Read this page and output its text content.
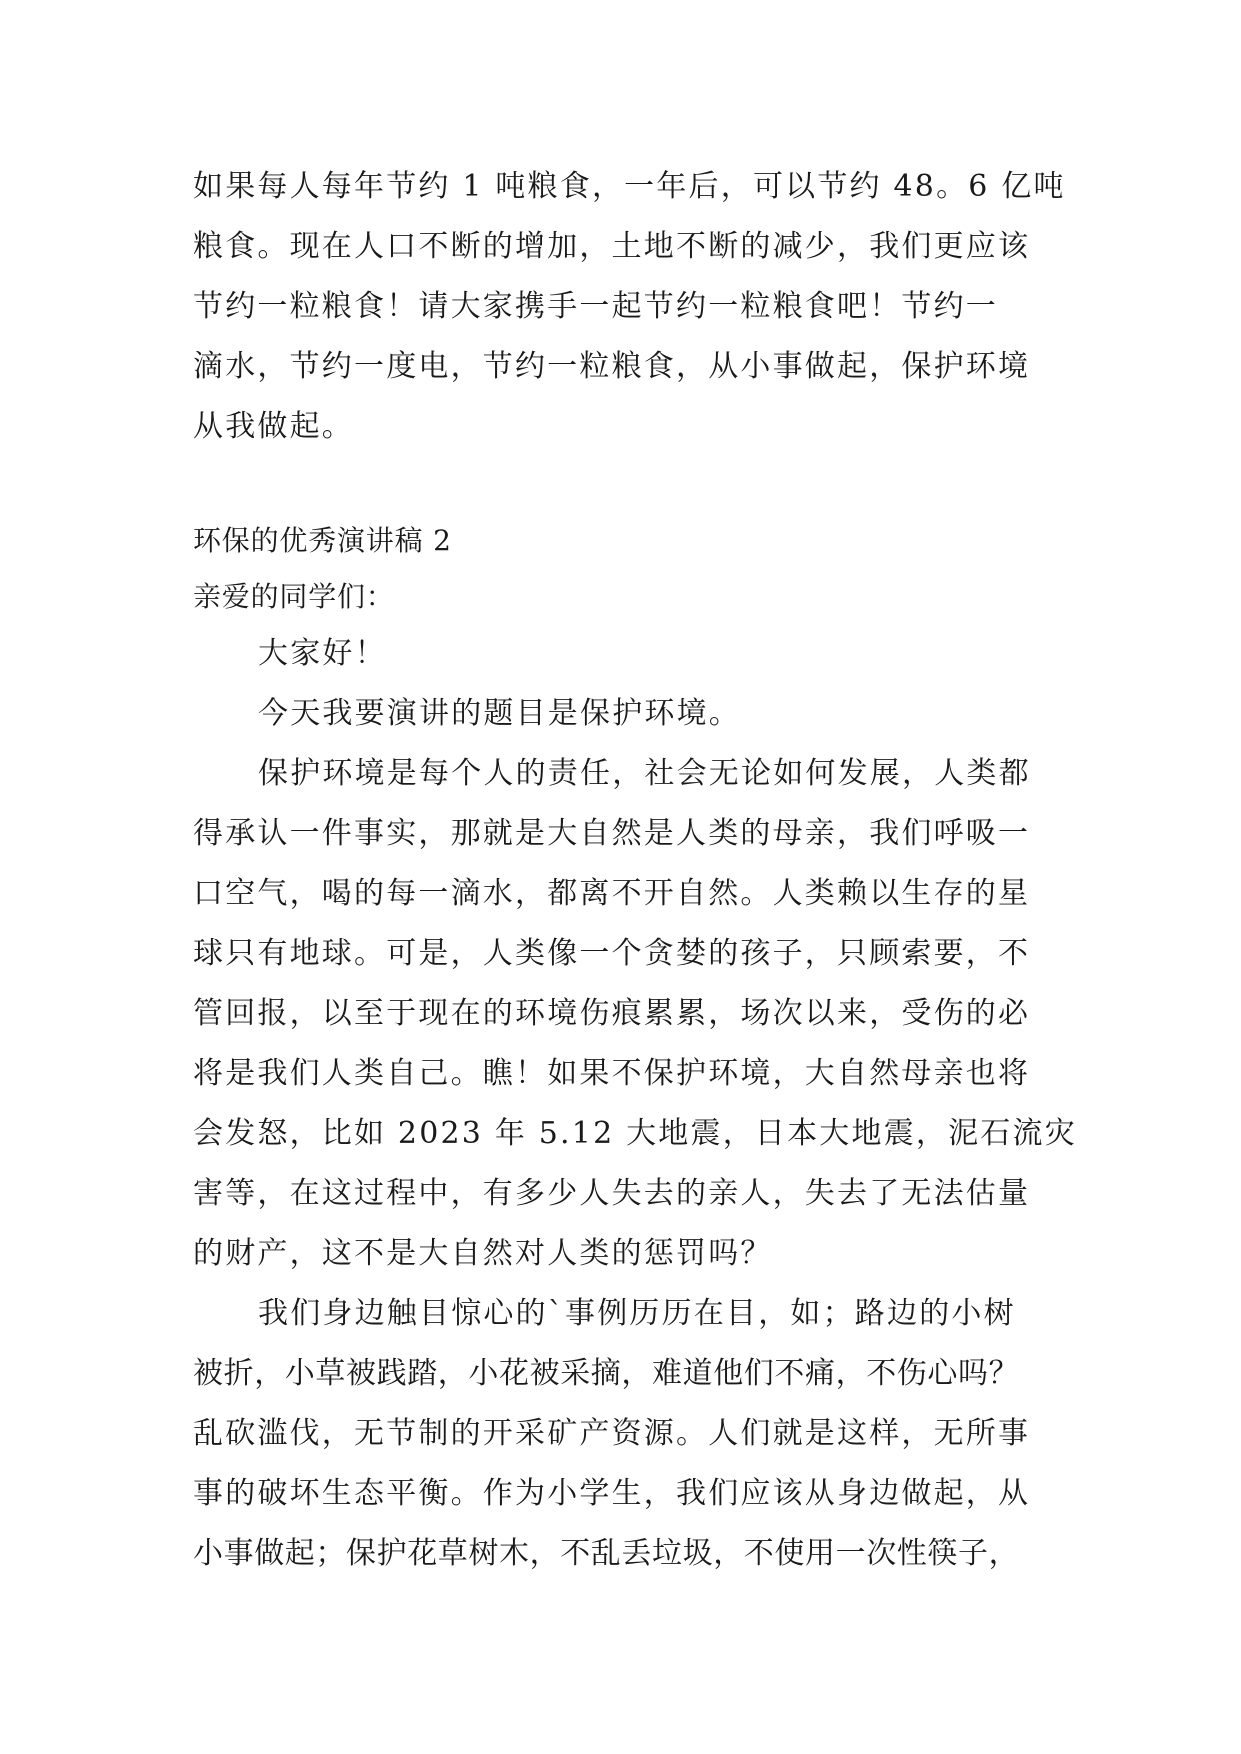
如果每人每年节约 1 吨粮食，一年后，可以节约 48。6 亿吨
粮食。现在人口不断的增加，土地不断的减少，我们更应该
节约一粒粮食！请大家携手一起节约一粒粮食吧！节约一
滴水，节约一度电，节约一粒粮食，从小事做起，保护环境
从我做起。
环保的优秀演讲稿 2
亲爱的同学们：
大家好！
今天我要演讲的题目是保护环境。
保护环境是每个人的责任，社会无论如何发展，人类都
得承认一件事实，那就是大自然是人类的母亲，我们呼吸一
口空气，喝的每一滴水，都离不开自然。人类赖以生存的星
球只有地球。可是，人类像一个贪婪的孩子，只顾索要，不
管回报，以至于现在的环境伤痕累累，场次以来，受伤的必
将是我们人类自己。瞧！如果不保护环境，大自然母亲也将
会发怒，比如 2023 年 5.12 大地震，日本大地震，泥石流灾
害等，在这过程中，有多少人失去的亲人，失去了无法估量
的财产，这不是大自然对人类的惩罚吗？
我们身边触目惊心的`事例历历在目，如；路边的小树
被折，小草被践踏，小花被采摘，难道他们不痛，不伤心吗？
乱砍滥伐，无节制的开采矿产资源。人们就是这样，无所事
事的破坏生态平衡。作为小学生，我们应该从身边做起，从
小事做起；保护花草树木，不乱丢垃圾，不使用一次性筷子，
